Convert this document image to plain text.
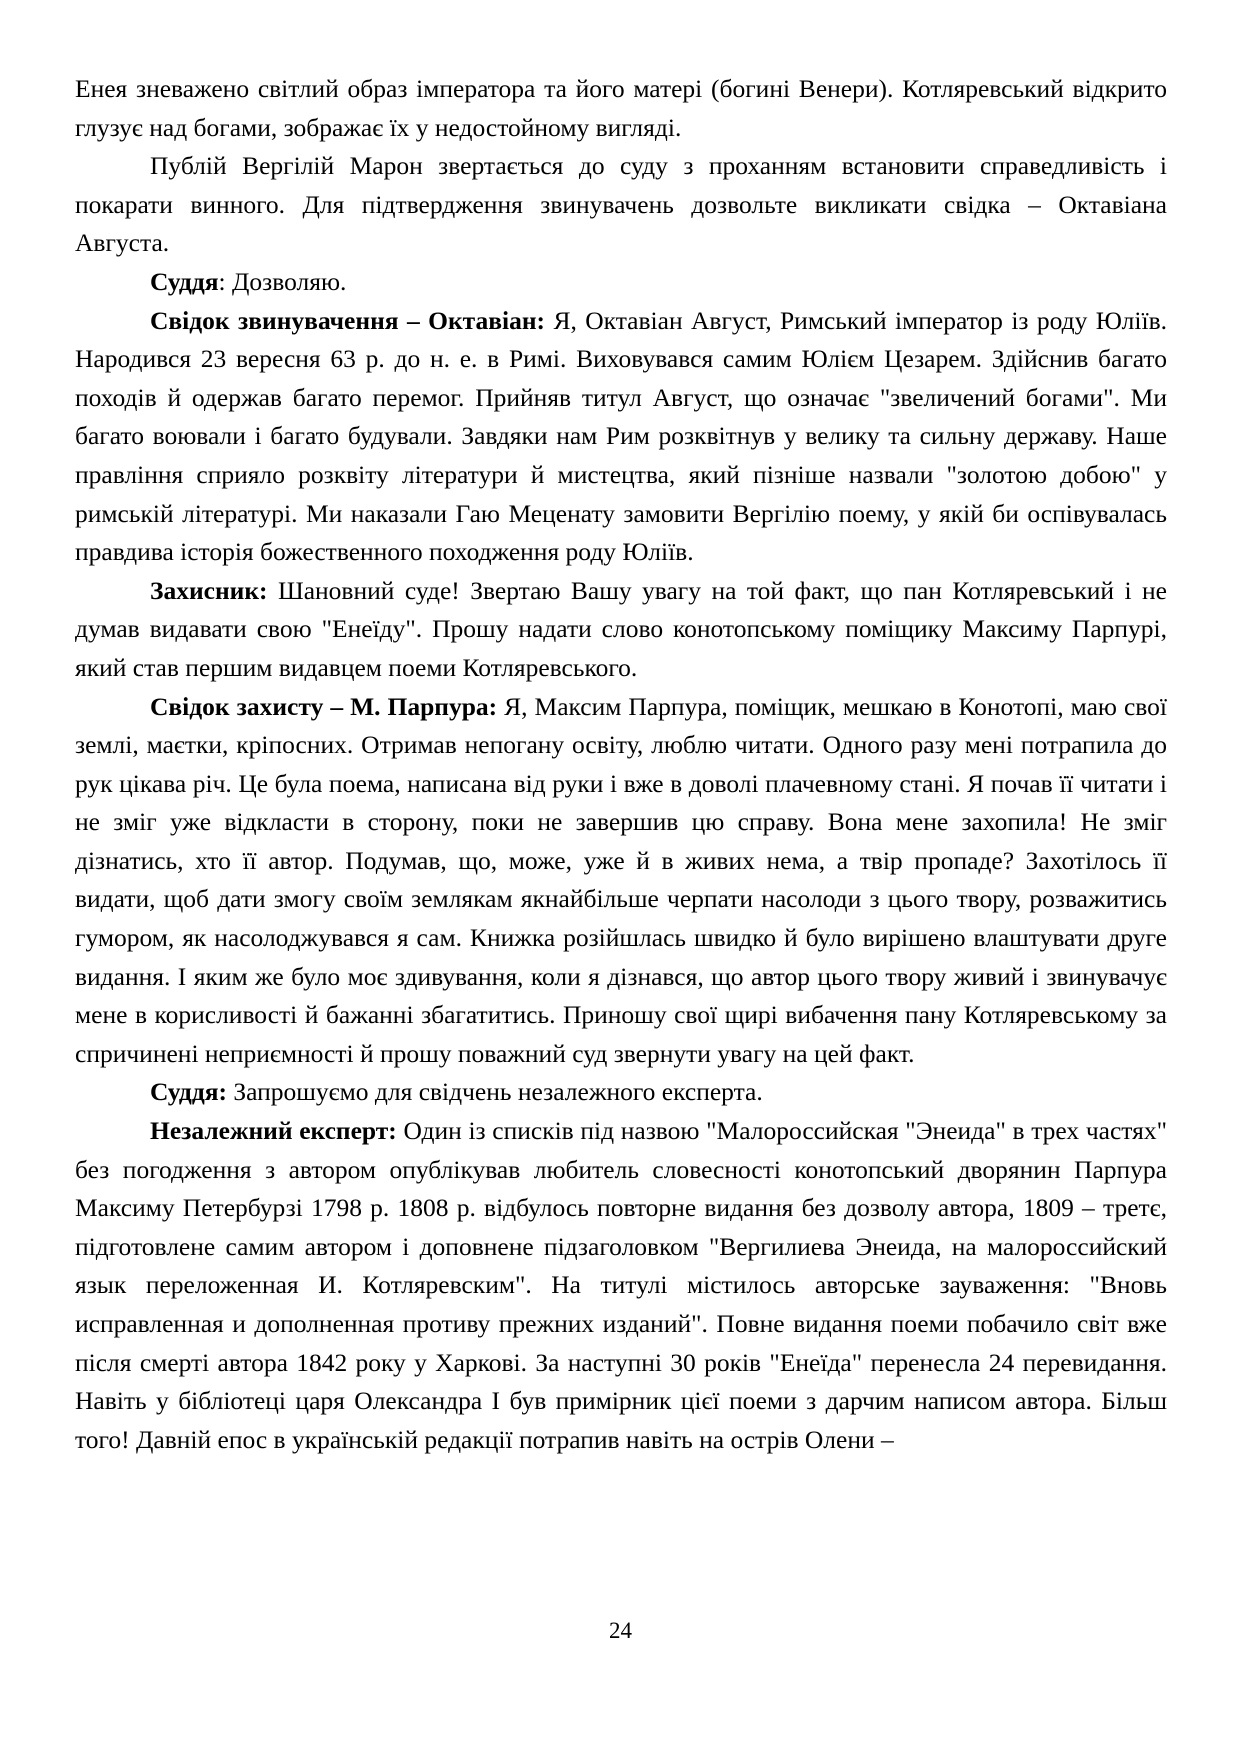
Енея зневажено світлий образ імператора та його матері (богині Венери). Котляревський відкрито глузує над богами, зображає їх у недостойному вигляді.

Публій Вергілій Марон звертається до суду з проханням встановити справедливість і покарати винного. Для підтвердження звинувачень дозвольте викликати свідка – Октавіана Августа.

Суддя: Дозволяю.

Свідок звинувачення – Октавіан: Я, Октавіан Август, Римський імператор із роду Юліїв. Народився 23 вересня 63 р. до н. е. в Римі. Виховувався самим Юлієм Цезарем. Здійснив багато походів й одержав багато перемог. Прийняв титул Август, що означає "звеличений богами". Ми багато воювали і багато будували. Завдяки нам Рим розквітнув у велику та сильну державу. Наше правління сприяло розквіту літератури й мистецтва, який пізніше назвали "золотою добою" у римській літературі. Ми наказали Гаю Меценату замовити Вергілію поему, у якій би оспівувалась правдива історія божественного походження роду Юліїв.

Захисник: Шановний суде! Звертаю Вашу увагу на той факт, що пан Котляревський і не думав видавати свою "Енеїду". Прошу надати слово конотопському поміщику Максиму Парпурі, який став першим видавцем поеми Котляревського.

Свідок захисту – М. Парпура: Я, Максим Парпура, поміщик, мешкаю в Конотопі, маю свої землі, маєтки, кріпосних. Отримав непогану освіту, люблю читати. Одного разу мені потрапила до рук цікава річ. Це була поема, написана від руки і вже в доволі плачевному стані. Я почав її читати і не зміг уже відкласти в сторону, поки не завершив цю справу. Вона мене захопила! Не зміг дізнатись, хто її автор. Подумав, що, може, уже й в живих нема, а твір пропаде? Захотілось її видати, щоб дати змогу своїм землякам якнайбільше черпати насолоди з цього твору, розважитись гумором, як насолоджувався я сам. Книжка розійшлась швидко й було вирішено влаштувати друге видання. І яким же було моє здивування, коли я дізнався, що автор цього твору живий і звинувачує мене в корисливості й бажанні збагатитись. Приношу свої щирі вибачення пану Котляревському за спричинені неприємності й прошу поважний суд звернути увагу на цей факт.

Суддя: Запрошуємо для свідчень незалежного експерта.

Незалежний експерт: Один із списків під назвою "Малороссийская "Энеида" в трех частях" без погодження з автором опублікував любитель словесності конотопський дворянин Парпура Максиму Петербурзі 1798 р. 1808 р. відбулось повторне видання без дозволу автора, 1809 – третє, підготовлене самим автором і доповнене підзаголовком "Вергилиева Энеида, на малороссийский язык переложенная И. Котляревским". На титулі містилось авторське зауваження: "Вновь исправленная и дополненная противу прежних изданий". Повне видання поеми побачило світ вже після смерті автора 1842 року у Харкові. За наступні 30 років "Енеїда" перенесла 24 перевидання. Навіть у бібліотеці царя Олександра І був примірник цієї поеми з дарчим написом автора. Більш того! Давній епос в українській редакції потрапив навіть на острів Олени –

24
